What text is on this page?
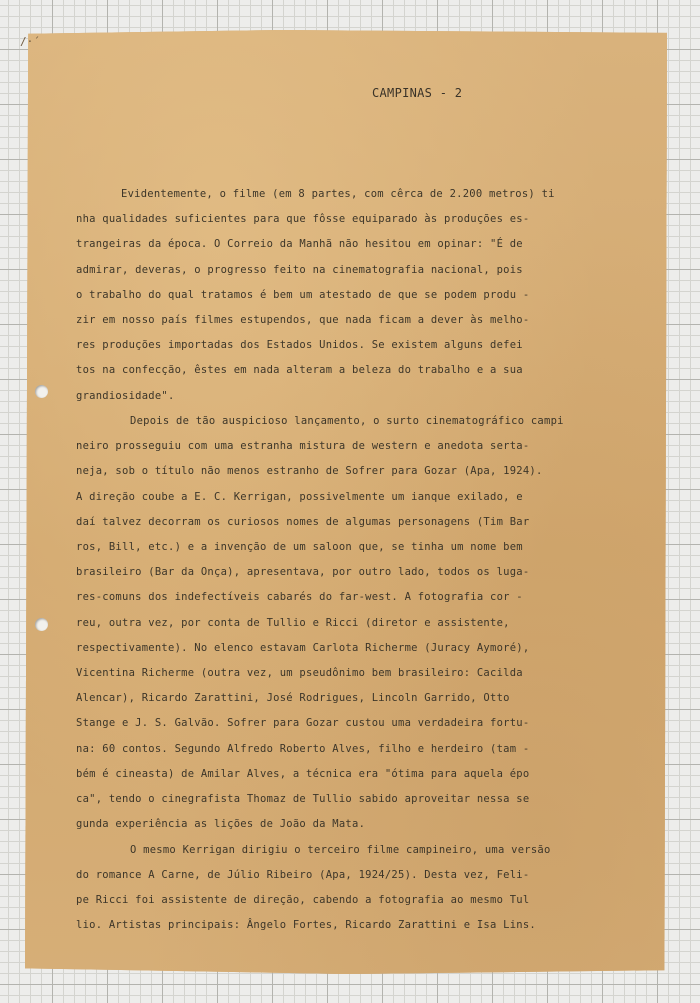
∕·´
CAMPINAS - 2
Evidentemente, o filme (em 8 partes, com cêrca de 2.200 metros) ti
nha qualidades suficientes para que fôsse equiparado às produções es-
trangeiras da época. O Correio da Manhã não hesitou em opinar: "É de
admirar, deveras, o progresso feito na cinematografia nacional, pois
o trabalho do qual tratamos é bem um atestado de que se podem produ -
zir em nosso país filmes estupendos, que nada ficam a dever às melho-
res produções importadas dos Estados Unidos. Se existem alguns defei
tos na confecção, êstes em nada alteram a beleza do trabalho e a sua
grandiosidade".
Depois de tão auspicioso lançamento, o surto cinematográfico campi
neiro prosseguiu com uma estranha mistura de western e anedota serta-
neja, sob o título não menos estranho de Sofrer para Gozar (Apa, 1924).
A direção coube a E. C. Kerrigan, possivelmente um ianque exilado, e
daí talvez decorram os curiosos nomes de algumas personagens (Tim Bar
ros, Bill, etc.) e a invenção de um saloon que, se tinha um nome bem
brasileiro (Bar da Onça), apresentava, por outro lado, todos os luga-
res-comuns dos indefectíveis cabarés do far-west. A fotografia cor -
reu, outra vez, por conta de Tullio e Ricci (diretor e assistente,
respectivamente). No elenco estavam Carlota Richerme (Juracy Aymoré),
Vicentina Richerme (outra vez, um pseudônimo bem brasileiro: Cacilda
Alencar), Ricardo Zarattini, José Rodrigues, Lincoln Garrido, Otto
Stange e J. S. Galvão. Sofrer para Gozar custou uma verdadeira fortu-
na: 60 contos. Segundo Alfredo Roberto Alves, filho e herdeiro (tam -
bém é cineasta) de Amilar Alves, a técnica era "ótima para aquela épo
ca", tendo o cinegrafista Thomaz de Tullio sabido aproveitar nessa se
gunda experiência as lições de João da Mata.
O mesmo Kerrigan dirigiu o terceiro filme campineiro, uma versão
do romance A Carne, de Júlio Ribeiro (Apa, 1924/25). Desta vez, Feli-
pe Ricci foi assistente de direção, cabendo a fotografia ao mesmo Tul
lio. Artistas principais: Ângelo Fortes, Ricardo Zarattini e Isa Lins.
